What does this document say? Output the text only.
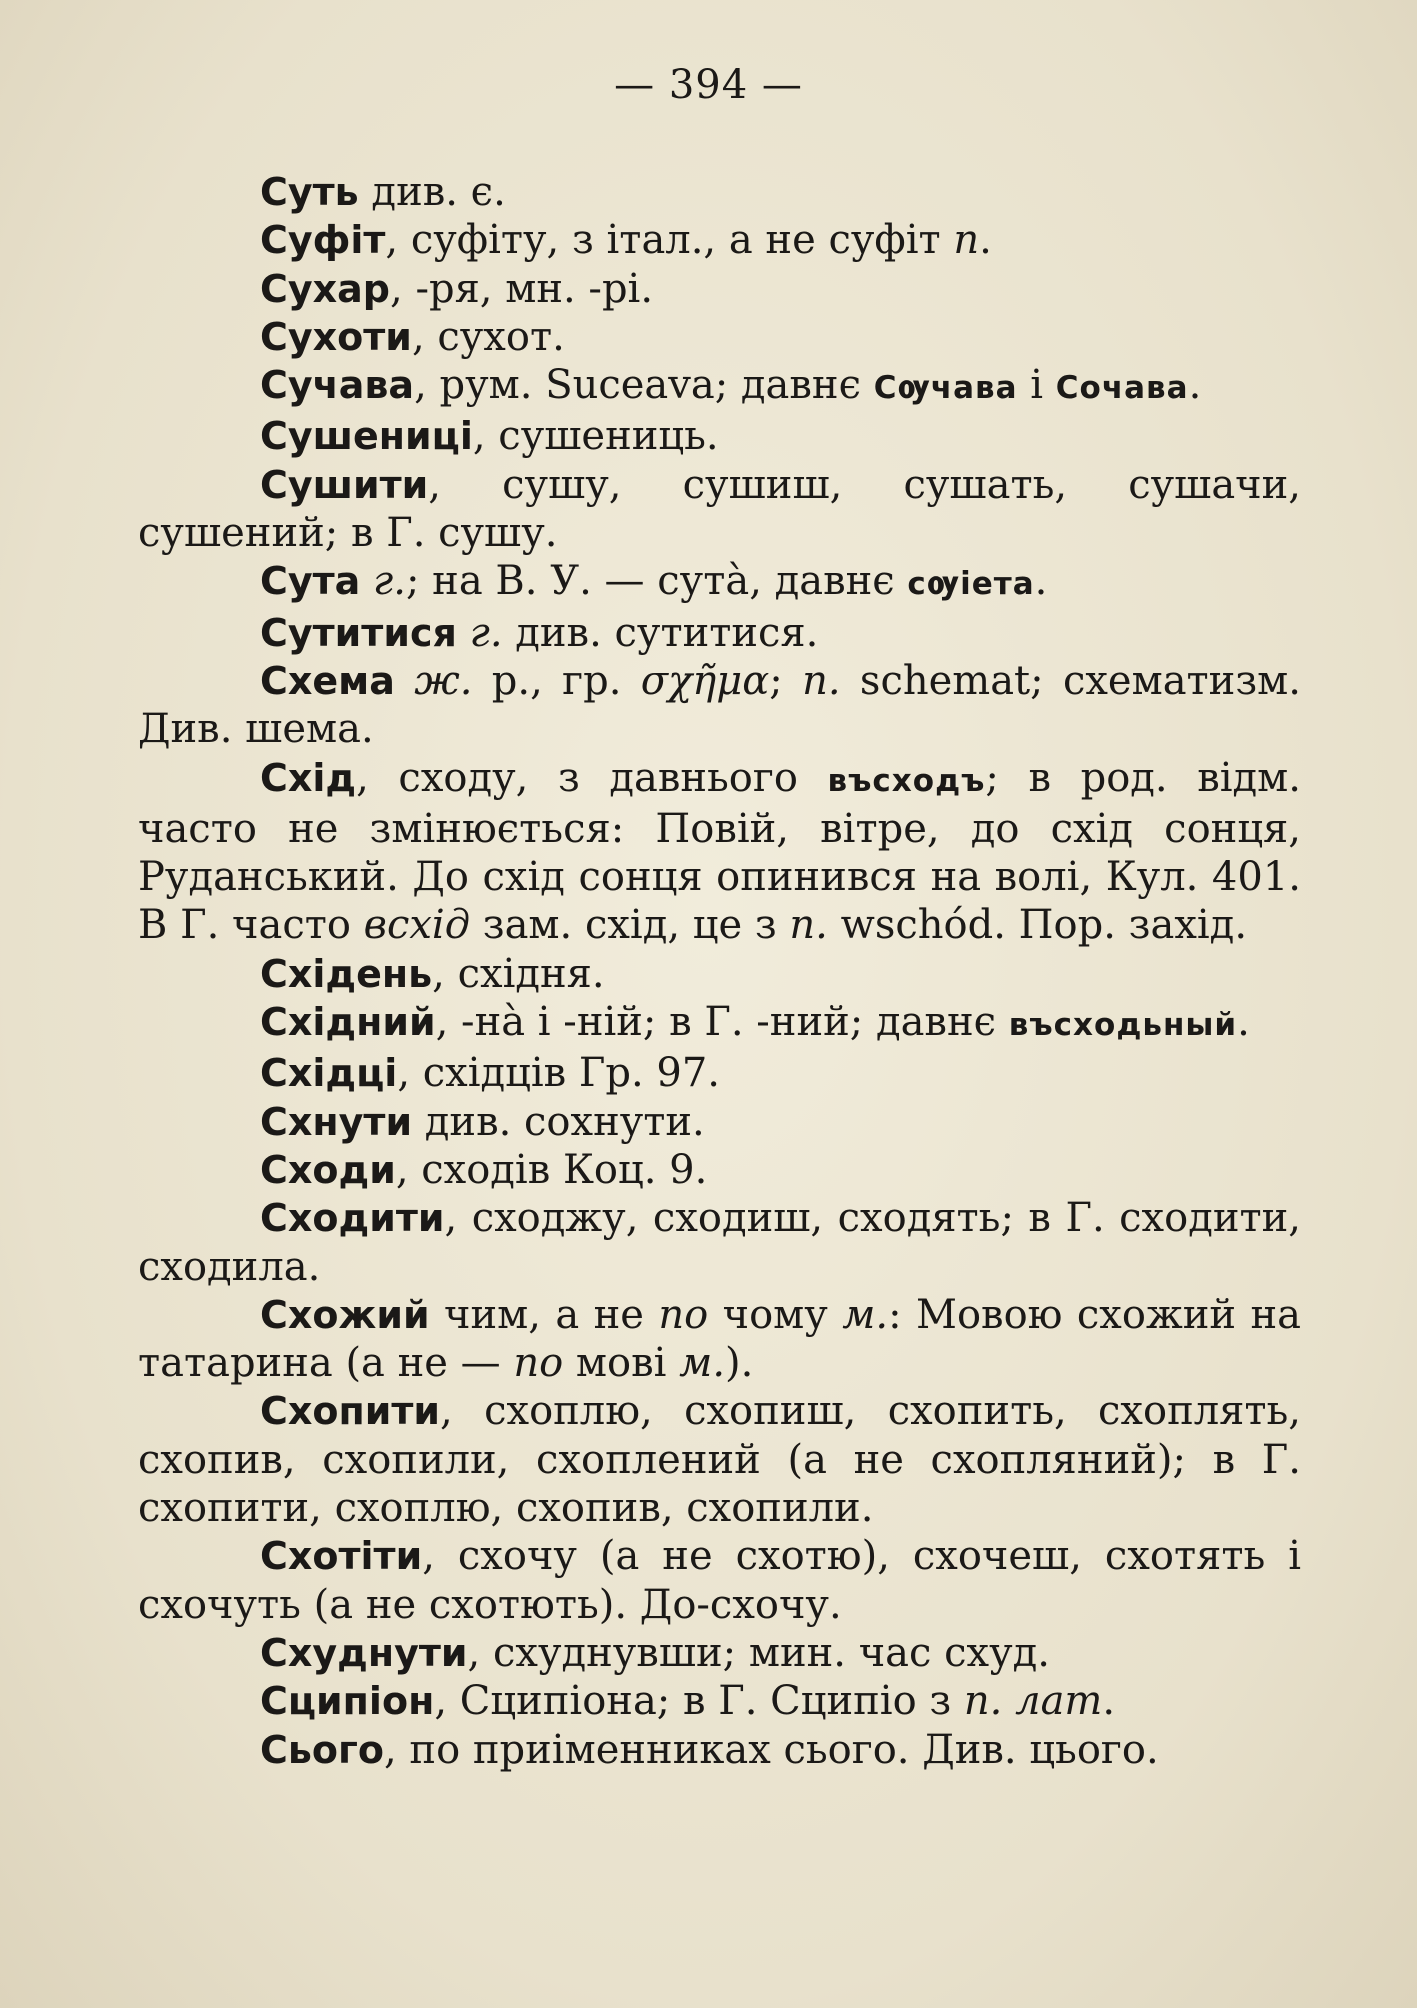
— 394 —

Суть див. є.

Суфіт, суфіту, з італ., а не суфіт п.

Сухар, -ря, мн. -рі.

Сухоти, сухот.

Сучава, рум. Suceava; давнє Сѹчава і Сочава.

Сушениці, сушениць.

Сушити, сушу, сушиш, сушать, сушачи, сушений; в Г. сушу.

Сута г.; на В. У. — сутà, давнє сѹіета.

Сутитися г. див. сутитися.

Схема ж. р., гр. σχῆμα; п. schemat; схематизм. Див. шема.

Схід, сходу, з давнього въсходъ; в род. відм. часто не змінюється: Повій, вітре, до схід сонця, Руданський. До схід сонця опинився на волі, Кул. 401. В Г. часто всхід зам. схід, це з п. wschód. Пор. захід.

Східень, східня.

Східний, -нà і -ній; в Г. -ний; давнє въсходьный.

Східці, східців Гр. 97.

Схнути див. сохнути.

Сходи, сходів Коц. 9.

Сходити, сходжу, сходиш, сходять; в Г. сходити, сходила.

Схожий чим, а не по чому м.: Мовою схожий на татарина (а не — по мові м.).

Схопити, схоплю, схопиш, схопить, схоплять, схопив, схопили, схоплений (а не схопляний); в Г. схопити, схоплю, схопив, схопили.

Схотіти, схочу (а не схотю), схочеш, схотять і схочуть (а не схотють). До-схочу.

Схуднути, схуднувши; мин. час схуд.

Сципіон, Сципіона; в Г. Сципіо з п. лат.

Сього, по приіменниках сього. Див. цього.
